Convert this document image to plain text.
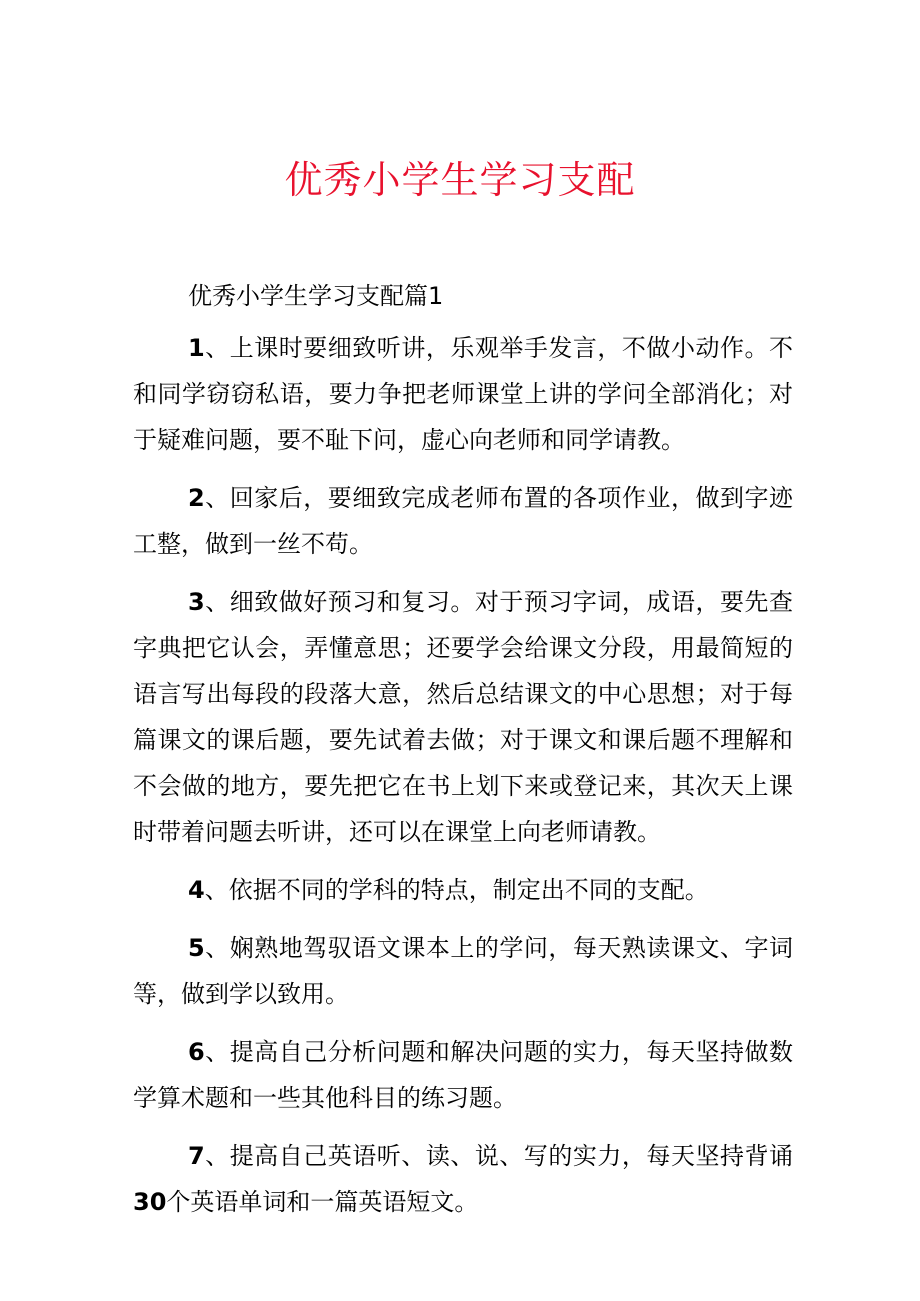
优秀小学生学习支配

优秀小学生学习支配篇1

1、上课时要细致听讲，乐观举手发言，不做小动作。不和同学窃窃私语，要力争把老师课堂上讲的学问全部消化；对于疑难问题，要不耻下问，虚心向老师和同学请教。

2、回家后，要细致完成老师布置的各项作业，做到字迹工整，做到一丝不苟。

3、细致做好预习和复习。对于预习字词，成语，要先查字典把它认会，弄懂意思；还要学会给课文分段，用最简短的语言写出每段的段落大意，然后总结课文的中心思想；对于每篇课文的课后题，要先试着去做；对于课文和课后题不理解和不会做的地方，要先把它在书上划下来或登记来，其次天上课时带着问题去听讲，还可以在课堂上向老师请教。

4、依据不同的学科的特点，制定出不同的支配。

5、娴熟地驾驭语文课本上的学问，每天熟读课文、字词等，做到学以致用。

6、提高自己分析问题和解决问题的实力，每天坚持做数学算术题和一些其他科目的练习题。

7、提高自己英语听、读、说、写的实力，每天坚持背诵30个英语单词和一篇英语短文。
